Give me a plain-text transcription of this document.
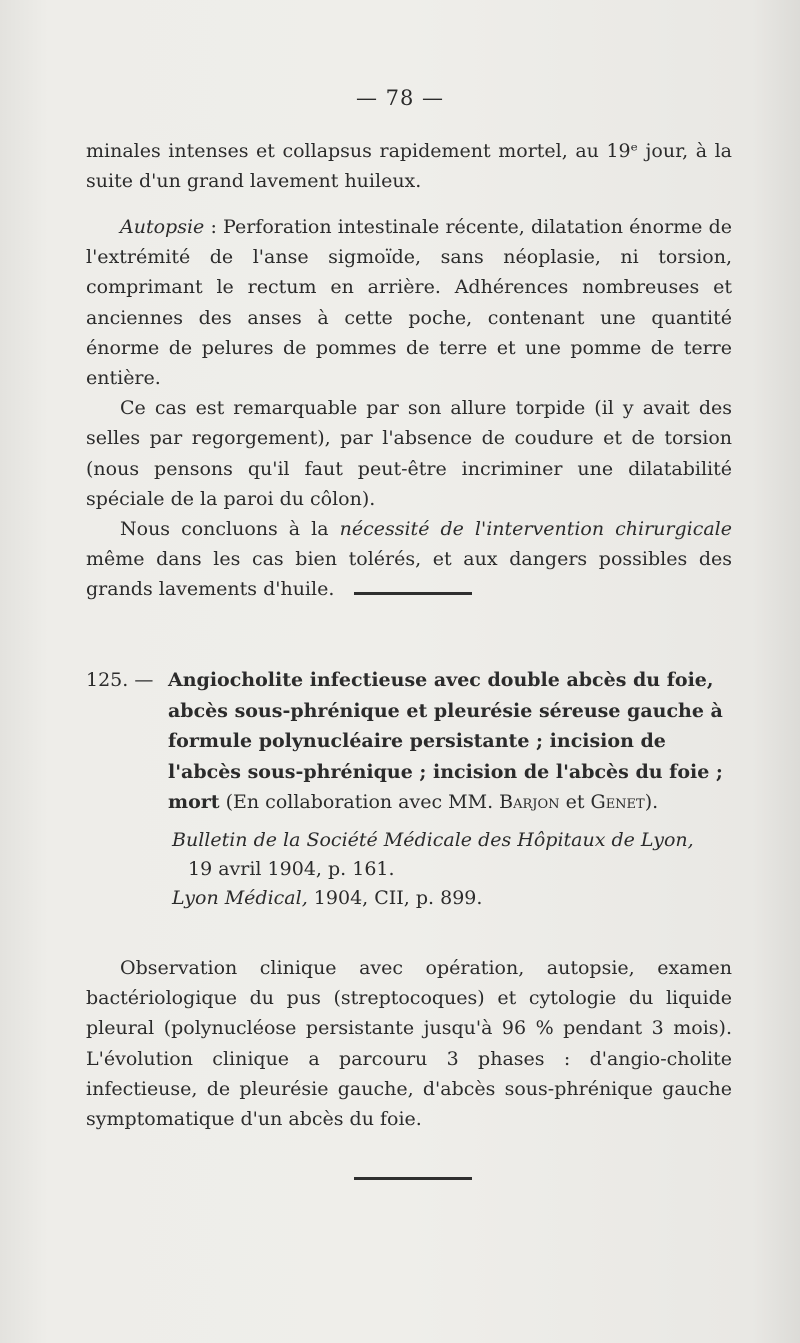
— 78 —

minales intenses et collapsus rapidement mortel, au 19ᵉ jour, à la suite d'un grand lavement huileux.

Autopsie : Perforation intestinale récente, dilatation énorme de l'extrémité de l'anse sigmoïde, sans néoplasie, ni torsion, comprimant le rectum en arrière. Adhérences nombreuses et anciennes des anses à cette poche, contenant une quantité énorme de pelures de pommes de terre et une pomme de terre entière.

Ce cas est remarquable par son allure torpide (il y avait des selles par regorgement), par l'absence de coudure et de torsion (nous pensons qu'il faut peut-être incriminer une dilatabilité spéciale de la paroi du côlon).

Nous concluons à la nécessité de l'intervention chirurgicale même dans les cas bien tolérés, et aux dangers possibles des grands lavements d'huile.

125. — Angiocholite infectieuse avec double abcès du foie, abcès sous-phrénique et pleurésie séreuse gauche à formule polynucléaire persistante ; incision de l'abcès sous-phrénique ; incision de l'abcès du foie ; mort (En collaboration avec MM. Barjon et Genet).
Bulletin de la Société Médicale des Hôpitaux de Lyon,
19 avril 1904, p. 161.
Lyon Médical, 1904, CII, p. 899.

Observation clinique avec opération, autopsie, examen bactériologique du pus (streptocoques) et cytologie du liquide pleural (polynucléose persistante jusqu'à 96 % pendant 3 mois). L'évolution clinique a parcouru 3 phases : d'angio-cholite infectieuse, de pleurésie gauche, d'abcès sous-phrénique gauche symptomatique d'un abcès du foie.
